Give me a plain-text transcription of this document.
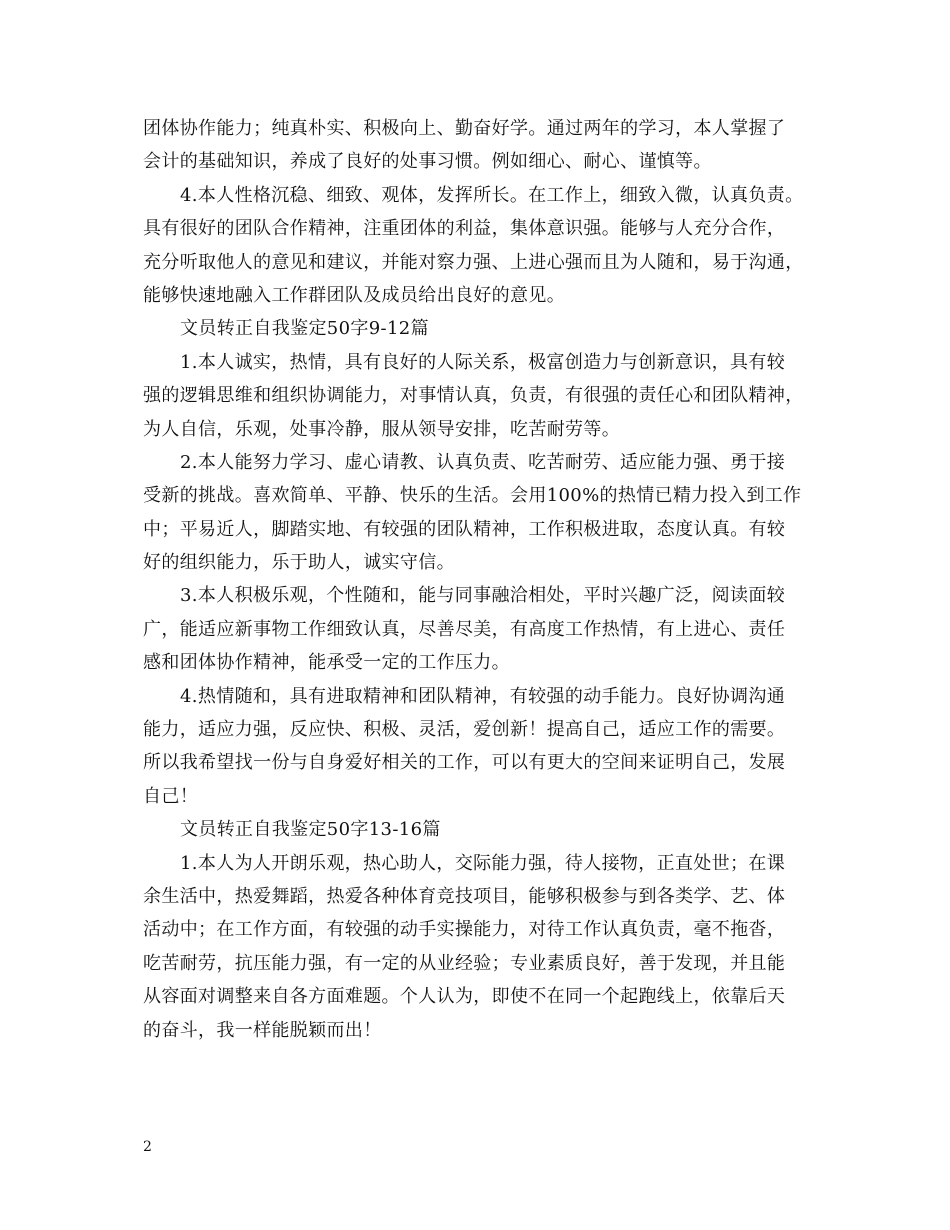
团体协作能力；纯真朴实、积极向上、勤奋好学。通过两年的学习，本人掌握了
会计的基础知识，养成了良好的处事习惯。例如细心、耐心、谨慎等。
4.本人性格沉稳、细致、观体，发挥所长。在工作上，细致入微，认真负责。
具有很好的团队合作精神，注重团体的利益，集体意识强。能够与人充分合作，
充分听取他人的意见和建议，并能对察力强、上进心强而且为人随和，易于沟通，
能够快速地融入工作群团队及成员给出良好的意见。
文员转正自我鉴定50字9-12篇
1.本人诚实，热情，具有良好的人际关系，极富创造力与创新意识，具有较
强的逻辑思维和组织协调能力，对事情认真，负责，有很强的责任心和团队精神，
为人自信，乐观，处事冷静，服从领导安排，吃苦耐劳等。
2.本人能努力学习、虚心请教、认真负责、吃苦耐劳、适应能力强、勇于接
受新的挑战。喜欢简单、平静、快乐的生活。会用100%的热情已精力投入到工作
中；平易近人，脚踏实地、有较强的团队精神，工作积极进取，态度认真。有较
好的组织能力，乐于助人，诚实守信。
3.本人积极乐观，个性随和，能与同事融洽相处，平时兴趣广泛，阅读面较
广，能适应新事物工作细致认真，尽善尽美，有高度工作热情，有上进心、责任
感和团体协作精神，能承受一定的工作压力。
4.热情随和，具有进取精神和团队精神，有较强的动手能力。良好协调沟通
能力，适应力强，反应快、积极、灵活，爱创新！提高自己，适应工作的需要。
所以我希望找一份与自身爱好相关的工作，可以有更大的空间来证明自己，发展
自己！
文员转正自我鉴定50字13-16篇
1.本人为人开朗乐观，热心助人，交际能力强，待人接物，正直处世；在课
余生活中，热爱舞蹈，热爱各种体育竞技项目，能够积极参与到各类学、艺、体
活动中；在工作方面，有较强的动手实操能力，对待工作认真负责，毫不拖沓，
吃苦耐劳，抗压能力强，有一定的从业经验；专业素质良好，善于发现，并且能
从容面对调整来自各方面难题。个人认为，即使不在同一个起跑线上，依靠后天
的奋斗，我一样能脱颖而出！
2
